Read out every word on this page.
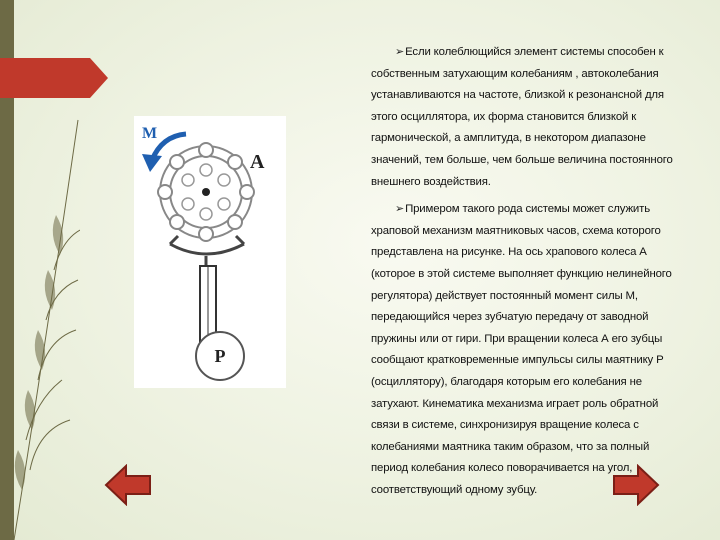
P
M
A

➢Если колеблющийся элемент системы способен к собственным затухающим колебаниям , автоколебания устанавливаются на частоте, близкой к резонансной для этого осциллятора, их форма становится близкой к гармонической, а амплитуда, в некотором диапазоне значений, тем больше, чем больше величина постоянного внешнего воздействия.

➢Примером такого рода системы может служить храповой механизм маятниковых часов, схема которого представлена на рисунке. На ось храпового колеса А (которое в этой системе выполняет функцию нелинейного регулятора) действует постоянный момент силы М, передающийся через зубчатую передачу от заводной пружины или от гири. При вращении колеса А его зубцы сообщают кратковременные импульсы силы маятнику Р (осциллятору), благодаря которым его колебания не затухают. Кинематика механизма играет роль обратной связи в системе, синхронизируя вращение колеса с колебаниями маятника таким образом, что за полный период колебания колесо поворачивается на угол, соответствующий одному зубцу.
